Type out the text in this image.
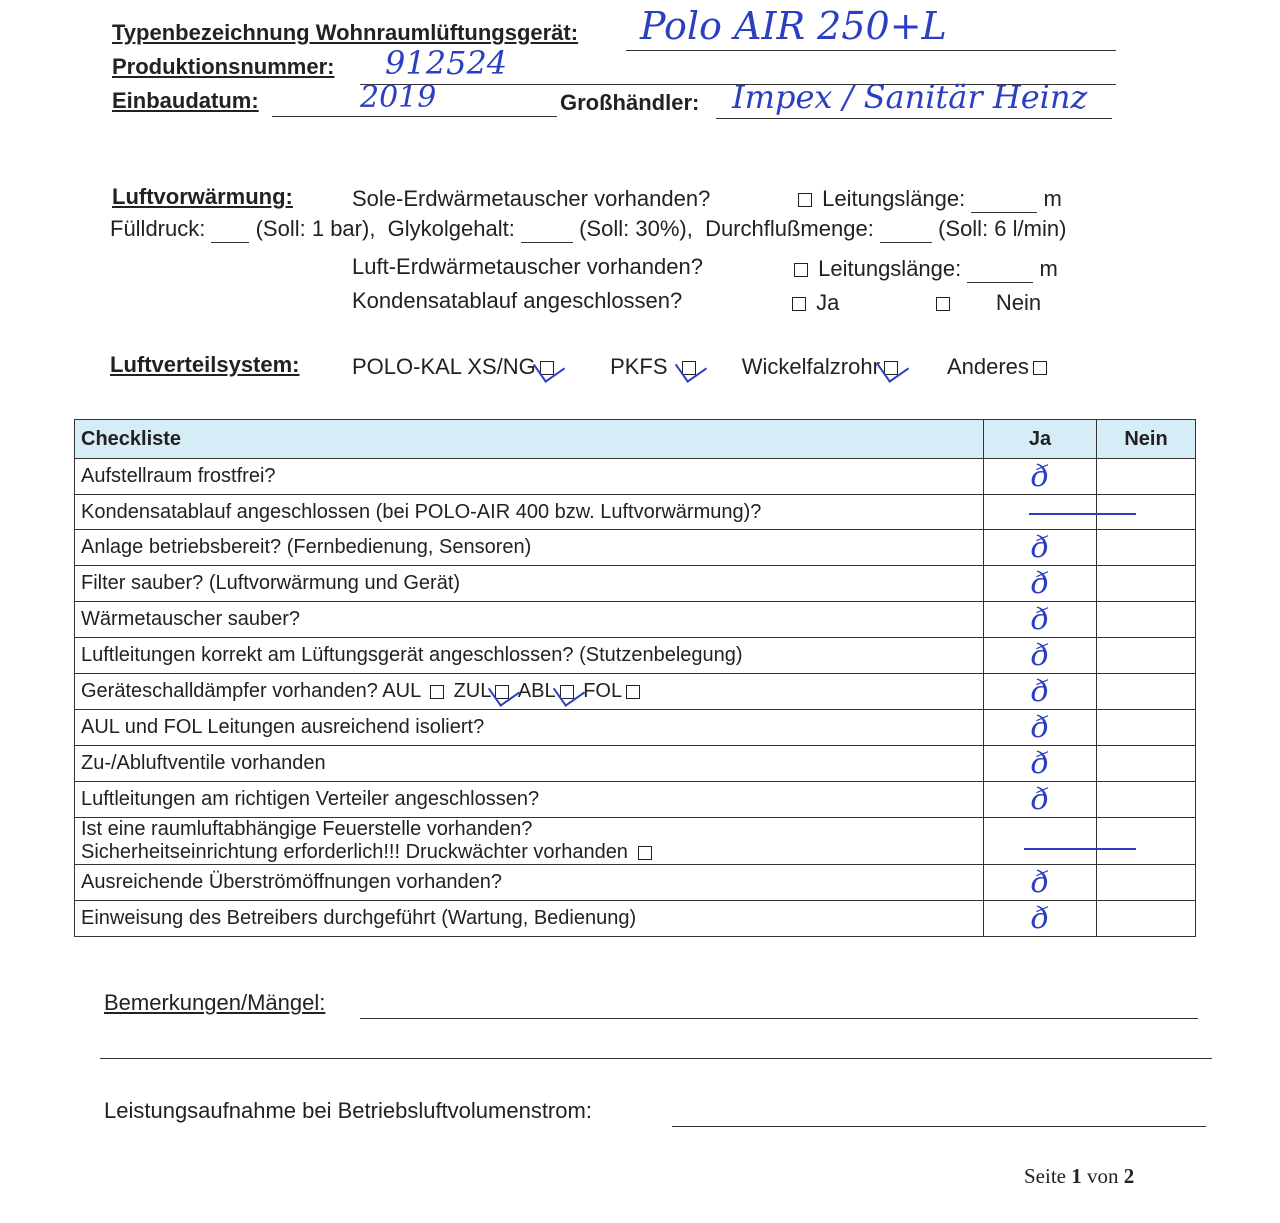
Typenbezeichnung Wohnraumlüftungsgerät: Polo AIR 250+L
Produktionsnummer: 912524
Einbaudatum:	2019	Großhändler: Impex / Sanitär Heinz
Luftvorwärmung:	Sole-Erdwärmetauscher vorhanden?	Leitungslänge:	m
Fülldruck: (Soll: 1 bar), Glykolgehalt:	(Soll: 30%), Durchflußmenge:	(Soll: 6 l/min)
Luft-Erdwärmetauscher vorhanden?	Leitungslänge:	m
Kondensatablauf angeschlossen?	Ja	Nein
Luftverteilsystem: POLO-KAL XS/NG	PKFS	Wickelfalzrohr	Anderes
Checkliste	Ja	Nein
Aufstellraum frostfrei?	ð	
Kondensatablauf angeschlossen (bei POLO-AIR 400 bzw. Luftvorwärmung)?	

Anlage betriebsbereit? (Fernbedienung, Sensoren)	ð	
Filter sauber? (Luftvorwärmung und Gerät)	ð	
Wärmetauscher sauber?	ð	
Luftleitungen korrekt am Lüftungsgerät angeschlossen? (Stutzenbelegung)	ð	
Geräteschalldämpfer vorhanden? AUL ZUL ABL FOL	ð	
AUL und FOL Leitungen ausreichend isoliert?	ð	
Zu-/Abluftventile vorhanden	ð	
Luftleitungen am richtigen Verteiler angeschlossen?	ð	

Ist eine raumluftabhängige Feuerstelle vorhanden?
Sicherheitseinrichtung erforderlich!!! Druckwächter vorhanden		

Ausreichende Überströmöffnungen vorhanden?	ð	
Einweisung des Betreibers durchgeführt (Wartung, Bedienung)	ð	
Bemerkungen/Mängel:
Leistungsaufnahme bei Betriebsluftvolumenstrom:
Seite 1 von 2
